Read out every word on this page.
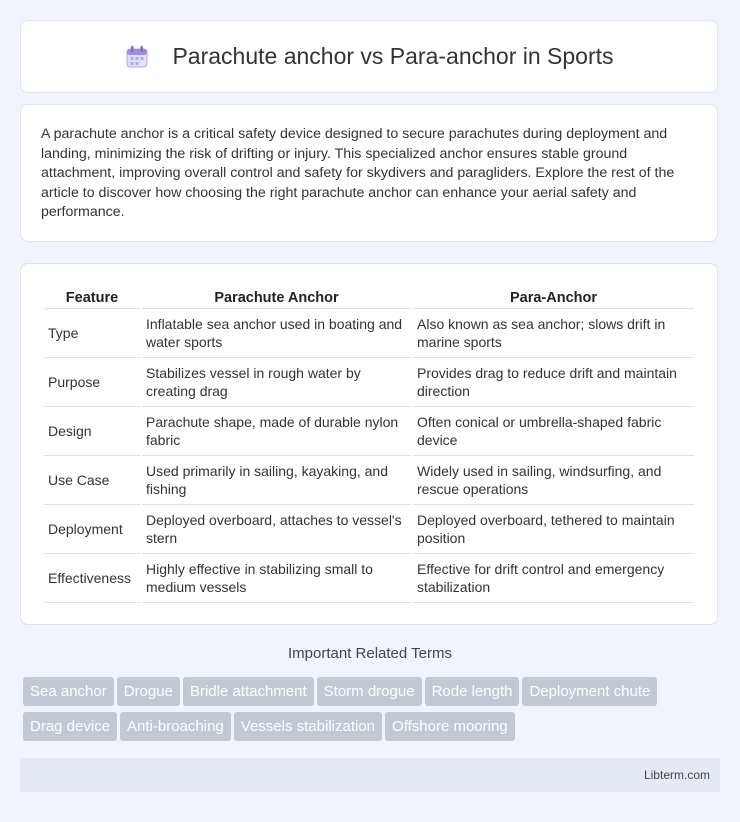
Parachute anchor vs Para-anchor in Sports

A parachute anchor is a critical safety device designed to secure parachutes during deployment and landing, minimizing the risk of drifting or injury. This specialized anchor ensures stable ground attachment, improving overall control and safety for skydivers and paragliders. Explore the rest of the article to discover how choosing the right parachute anchor can enhance your aerial safety and performance.

Feature	Parachute Anchor	Para-Anchor
Type	Inflatable sea anchor used in boating and water sports	Also known as sea anchor; slows drift in marine sports
Purpose	Stabilizes vessel in rough water by creating drag	Provides drag to reduce drift and maintain direction
Design	Parachute shape, made of durable nylon fabric	Often conical or umbrella-shaped fabric device
Use Case	Used primarily in sailing, kayaking, and fishing	Widely used in sailing, windsurfing, and rescue operations
Deployment	Deployed overboard, attaches to vessel's stern	Deployed overboard, tethered to maintain position
Effectiveness	Highly effective in stabilizing small to medium vessels	Effective for drift control and emergency stabilization
Important Related Terms
Sea anchor Drogue Bridle attachment Storm drogue Rode length Deployment chute
Drag device Anti-broaching Vessels stabilization Offshore mooring
Libterm.com
